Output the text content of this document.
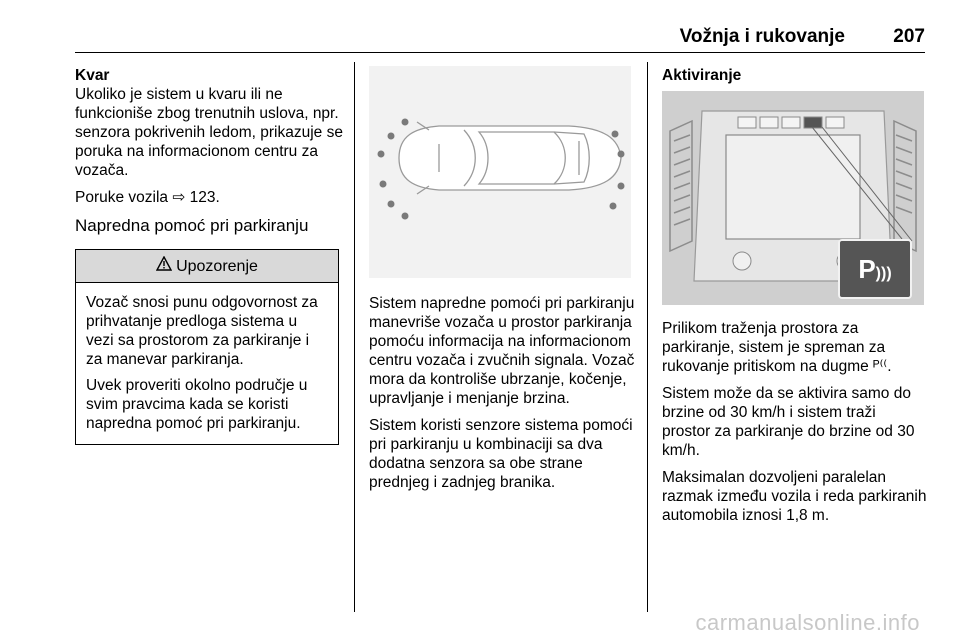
Vožnja i rukovanje	207
Kvar

Ukoliko je sistem u kvaru ili ne funkcioniše zbog trenutnih uslova, npr. senzora pokrivenih ledom, prikazuje se poruka na informacionom centru za vozača.

Poruke vozila ⇨ 123.

Napredna pomoć pri parkiranju
Upozorenje

Vozač snosi punu odgovornost za prihvatanje predloga sistema u vezi sa prostorom za parkiranje i za manevar parkiranja.

Uvek proveriti okolno područje u svim pravcima kada se koristi napredna pomoć pri parkiranju.

Sistem napredne pomoći pri parkiranju manevriše vozača u prostor parkiranja pomoću informacija na informacionom centru vozača i zvučnih signala. Vozač mora da kontroliše ubrzanje, kočenje, upravljanje i menjanje brzina.

Sistem koristi senzore sistema pomoći pri parkiranju u kombinaciji sa dva dodatna senzora sa obe strane prednjeg i zadnjeg branika.

Aktiviranje
P)))

Prilikom traženja prostora za parkiranje, sistem je spreman za rukovanje pritiskom na dugme ᴾ⁽⁽.

Sistem može da se aktivira samo do brzine od 30 km/h i sistem traži prostor za parkiranje do brzine od 30 km/h.

Maksimalan dozvoljeni paralelan razmak između vozila i reda parkiranih automobila iznosi 1,8 m.

carmanualsonline.info
